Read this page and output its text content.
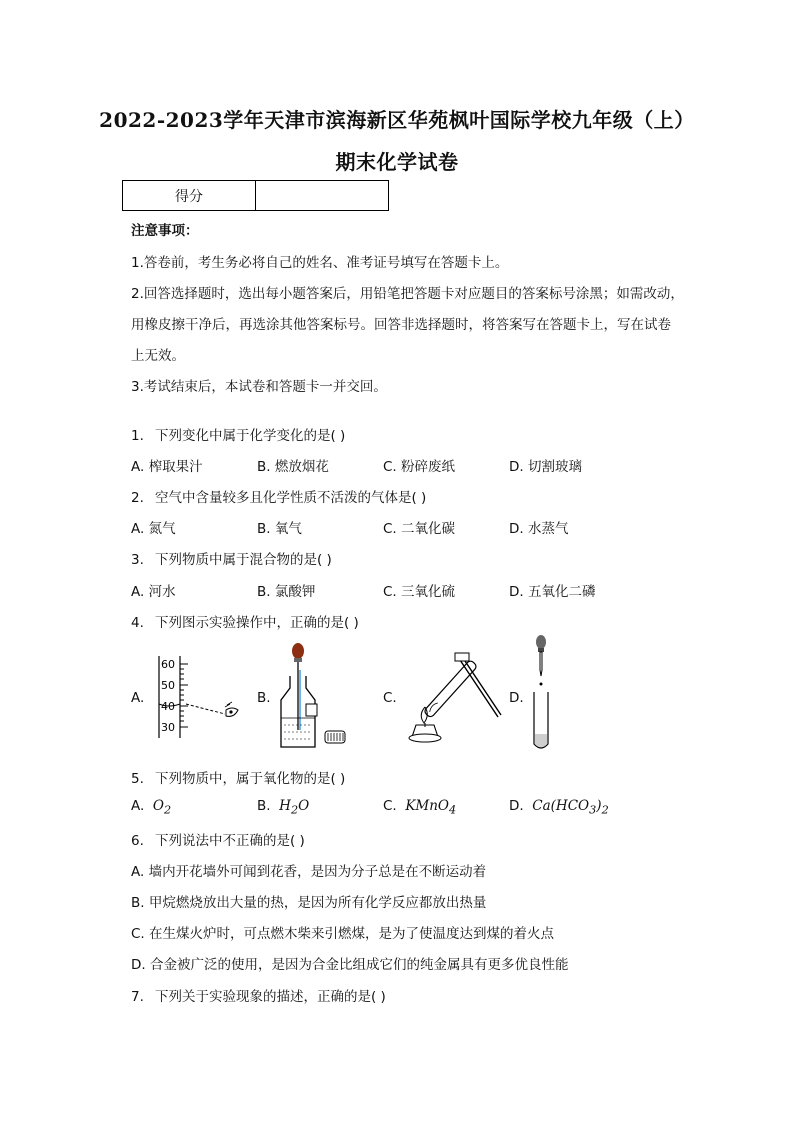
2022-2023学年天津市滨海新区华苑枫叶国际学校九年级（上）
期末化学试卷
得分	
注意事项：
1.答卷前，考生务必将自己的姓名、准考证号填写在答题卡上。
2.回答选择题时，选出每小题答案后，用铅笔把答题卡对应题目的答案标号涂黑；如需改动，
用橡皮擦干净后，再选涂其他答案标号。回答非选择题时，将答案写在答题卡上，写在试卷
上无效。
3.考试结束后，本试卷和答题卡一并交回。
1. 下列变化中属于化学变化的是( )
A. 榨取果汁	B. 燃放烟花	C. 粉碎废纸	D. 切割玻璃
2. 空气中含量较多且化学性质不活泼的气体是( )
A. 氮气	B. 氧气	C. 二氧化碳	D. 水蒸气
3. 下列物质中属于混合物的是( )
A. 河水	B. 氯酸钾	C. 三氧化硫	D. 五氧化二磷
4. 下列图示实验操作中，正确的是( )
A.
60
50
40
30
B.	C.	D.
5. 下列物质中，属于氧化物的是( )
A. $O_2$	B. $H_2O$	C. KMnO$_4$	D. $Ca(HCO_3)_2$
6. 下列说法中不正确的是( )
A. 墙内开花墙外可闻到花香，是因为分子总是在不断运动着
B. 甲烷燃烧放出大量的热，是因为所有化学反应都放出热量
C. 在生煤火炉时，可点燃木柴来引燃煤，是为了使温度达到煤的着火点
D. 合金被广泛的使用，是因为合金比组成它们的纯金属具有更多优良性能
7. 下列关于实验现象的描述，正确的是( )
